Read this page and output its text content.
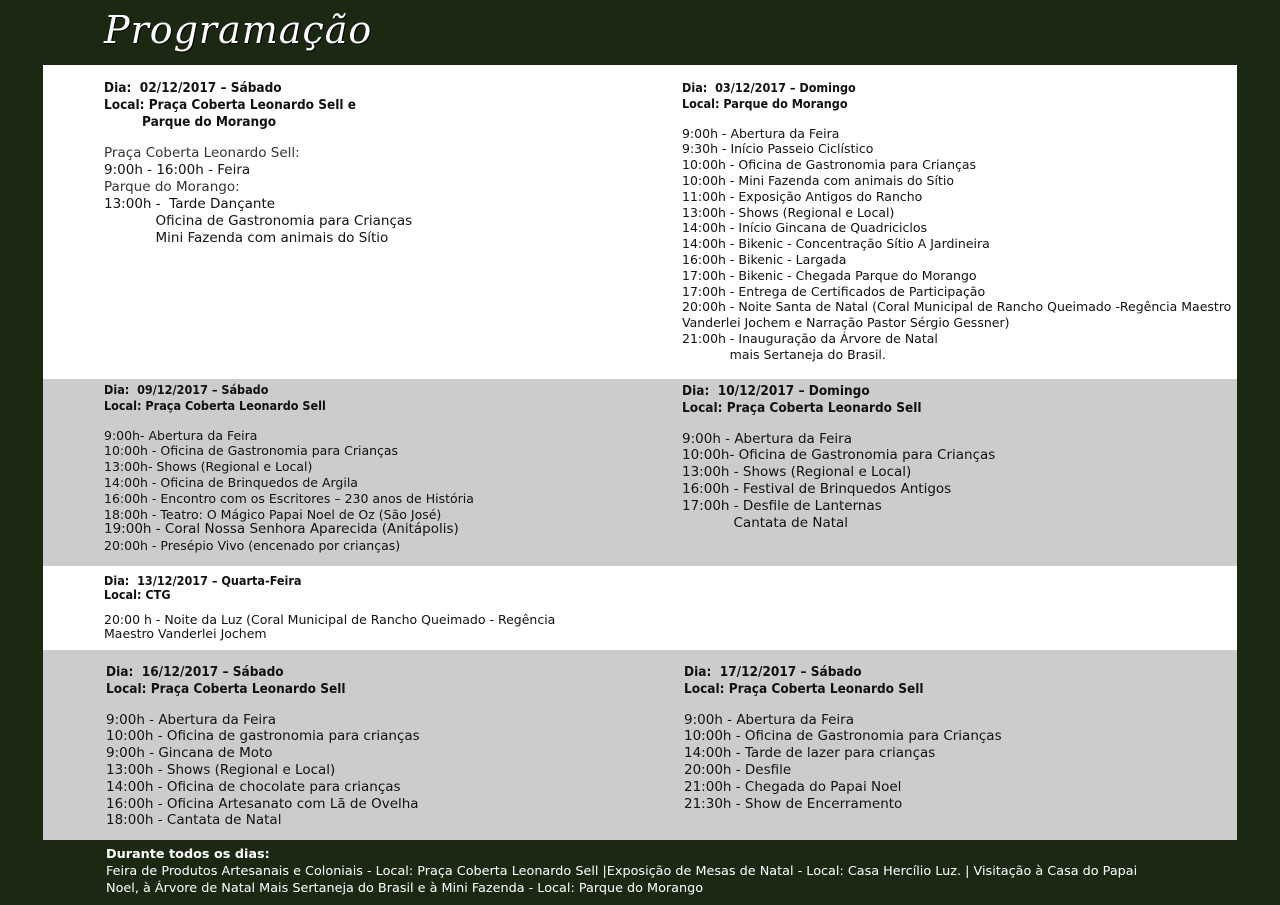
Programação
Dia:  02/12/2017 – Sábado
Local: Praça Coberta Leonardo Sell e
Parque do Morango
Praça Coberta Leonardo Sell:
9:00h - 16:00h - Feira
Parque do Morango:
13:00h -  Tarde Dançante
Oficina de Gastronomia para Crianças
Mini Fazenda com animais do Sítio
Dia:  03/12/2017 – Domingo
Local: Parque do Morango
9:00h - Abertura da Feira
9:30h - Início Passeio Ciclístico
10:00h - Oficina de Gastronomia para Crianças
10:00h - Mini Fazenda com animais do Sítio
11:00h - Exposição Antigos do Rancho
13:00h - Shows (Regional e Local)
14:00h - Início Gincana de Quadriciclos
14:00h - Bikenic - Concentração Sítio A Jardineira
16:00h - Bikenic - Largada
17:00h - Bikenic - Chegada Parque do Morango
17:00h - Entrega de Certificados de Participação
20:00h - Noite Santa de Natal (Coral Municipal de Rancho Queimado -Regência Maestro
Vanderlei Jochem e Narração Pastor Sérgio Gessner)
21:00h - Inauguração da Árvore de Natal
mais Sertaneja do Brasil.
Dia:  09/12/2017 – Sábado
Local: Praça Coberta Leonardo Sell
9:00h- Abertura da Feira
10:00h - Oficina de Gastronomia para Crianças
13:00h- Shows (Regional e Local)
14:00h - Oficina de Brinquedos de Argila
16:00h - Encontro com os Escritores – 230 anos de História
18:00h - Teatro: O Mágico Papai Noel de Oz (São José)
19:00h - Coral Nossa Senhora Aparecida (Anitápolis)
20:00h - Presépio Vivo (encenado por crianças)
Dia:  10/12/2017 – Domingo
Local: Praça Coberta Leonardo Sell
9:00h - Abertura da Feira
10:00h- Oficina de Gastronomia para Crianças
13:00h - Shows (Regional e Local)
16:00h - Festival de Brinquedos Antigos
17:00h - Desfile de Lanternas
Cantata de Natal
Dia:  13/12/2017 – Quarta-Feira
Local: CTG
20:00 h - Noite da Luz (Coral Municipal de Rancho Queimado - Regência
Maestro Vanderlei Jochem
Dia:  16/12/2017 – Sábado
Local: Praça Coberta Leonardo Sell
9:00h - Abertura da Feira
10:00h - Oficina de gastronomia para crianças
9:00h - Gincana de Moto
13:00h - Shows (Regional e Local)
14:00h - Oficina de chocolate para crianças
16:00h - Oficina Artesanato com Lã de Ovelha
18:00h - Cantata de Natal
Dia:  17/12/2017 – Sábado
Local: Praça Coberta Leonardo Sell
9:00h - Abertura da Feira
10:00h - Oficina de Gastronomia para Crianças
14:00h - Tarde de lazer para crianças
20:00h - Desfile
21:00h - Chegada do Papai Noel
21:30h - Show de Encerramento
Durante todos os dias:
Feira de Produtos Artesanais e Coloniais - Local: Praça Coberta Leonardo Sell |Exposição de Mesas de Natal - Local: Casa Hercílio Luz. | Visitação à Casa do Papai
Noel, à Árvore de Natal Mais Sertaneja do Brasil e à Mini Fazenda - Local: Parque do Morango
